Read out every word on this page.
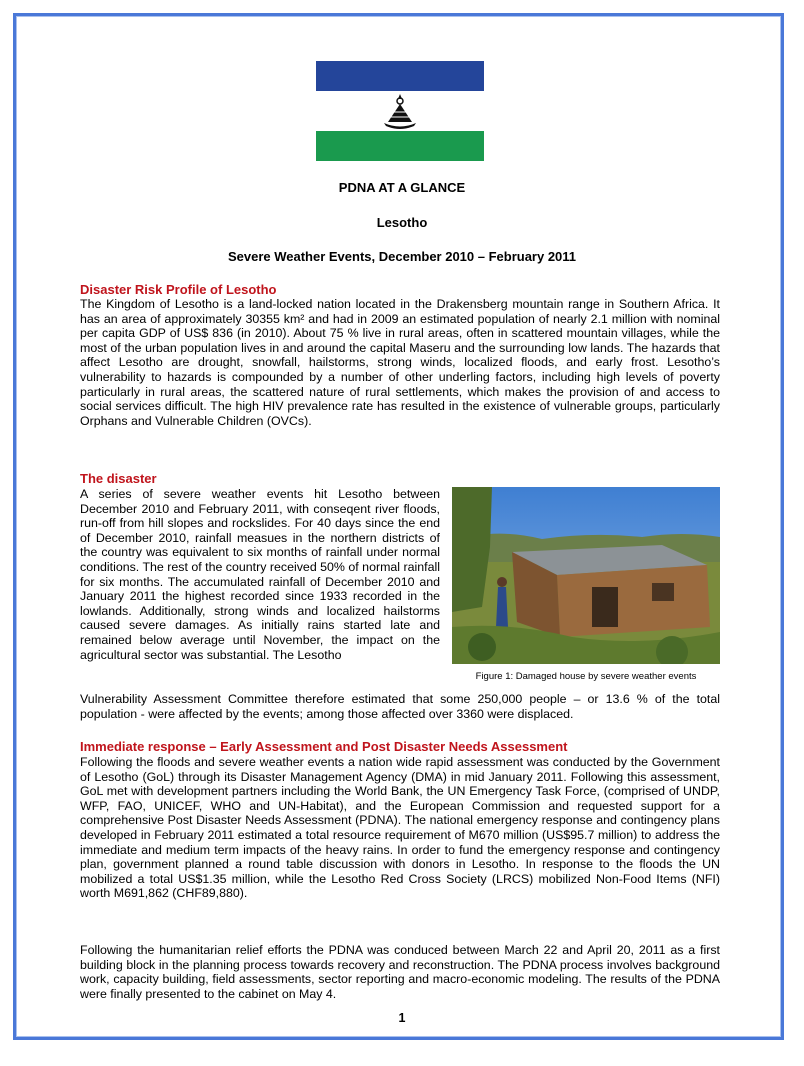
PDNA AT A GLANCE
Lesotho
Severe Weather Events, December 2010 – February 2011
Disaster Risk Profile of Lesotho

The Kingdom of Lesotho is a land-locked nation located in the Drakensberg mountain range in Southern Africa. It has an area of approximately 30355 km² and had in 2009 an estimated population of nearly 2.1 million with nominal per capita GDP of US$ 836 (in 2010). About 75 % live in rural areas, often in scattered mountain villages, while the most of the urban population lives in and around the capital Maseru and the surrounding low lands. The hazards that affect Lesotho are drought, snowfall, hailstorms, strong winds, localized floods, and early frost. Lesotho’s vulnerability to hazards is compounded by a number of other underling factors, including high levels of poverty particularly in rural areas, the scattered nature of rural settlements, which makes the provision of and access to social services difficult. The high HIV prevalence rate has resulted in the existence of vulnerable groups, particularly Orphans and Vulnerable Children (OVCs).

The disaster

A series of severe weather events hit Lesotho between December 2010 and February 2011, with conseqent river floods, run-off from hill slopes and rockslides. For 40 days since the end of December 2010, rainfall measues in the northern districts of the country was equivalent to six months of rainfall under normal conditions. The rest of the country received 50% of normal rainfall for six months. The accumulated rainfall of December 2010 and January 2011 the highest recorded since 1933 recorded in the lowlands. Additionally, strong winds and localized hailstorms caused severe damages. As initially rains started late and remained below average until November, the impact on the agricultural sector was substantial. The Lesotho

Vulnerability Assessment Committee therefore estimated that some 250,000 people – or 13.6 % of the total population - were affected by the events; among those affected over 3360 were displaced.

Figure 1: Damaged house by severe weather events
Immediate response – Early Assessment and Post Disaster Needs Assessment

Following the floods and severe weather events a nation wide rapid assessment was conducted by the Government of Lesotho (GoL) through its Disaster Management Agency (DMA) in mid January 2011. Following this assessment, GoL met with development partners including the World Bank, the UN Emergency Task Force, (comprised of UNDP, WFP, FAO, UNICEF, WHO and UN-Habitat), and the European Commission and requested support for a comprehensive Post Disaster Needs Assessment (PDNA). The national emergency response and contingency plans developed in February 2011 estimated a total resource requirement of M670 million (US$95.7 million) to address the immediate and medium term impacts of the heavy rains. In order to fund the emergency response and contingency plan, government planned a round table discussion with donors in Lesotho. In response to the floods the UN mobilized a total US$1.35 million, while the Lesotho Red Cross Society (LRCS) mobilized Non-Food Items (NFI) worth M691,862 (CHF89,880).

Following the humanitarian relief efforts the PDNA was conduced between March 22 and April 20, 2011 as a first building block in the planning process towards recovery and reconstruction. The PDNA process involves background work, capacity building, field assessments, sector reporting and macro-economic modeling. The results of the PDNA were finally presented to the cabinet on May 4.

1
